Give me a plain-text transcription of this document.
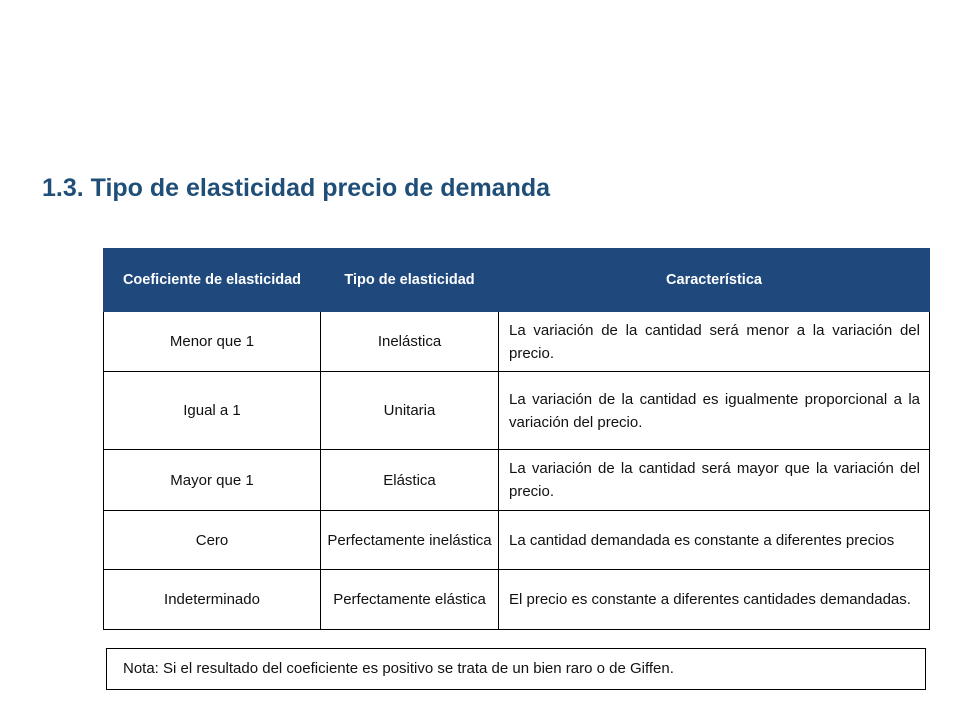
1.3. Tipo de elasticidad precio de demanda
Coeficiente de elasticidad	Tipo de elasticidad	Característica
Menor que 1	Inelástica	La variación de la cantidad será menor a la variación del precio.
Igual a 1	Unitaria	La variación de la cantidad es igualmente proporcional a la variación del precio.
Mayor que 1	Elástica	La variación de la cantidad será mayor que la variación del precio.
Cero	Perfectamente inelástica	La cantidad demandada es constante a diferentes precios
Indeterminado	Perfectamente elástica	El precio es constante a diferentes cantidades demandadas.
Nota: Si el resultado del coeficiente es positivo se trata de un bien raro o de Giffen.
